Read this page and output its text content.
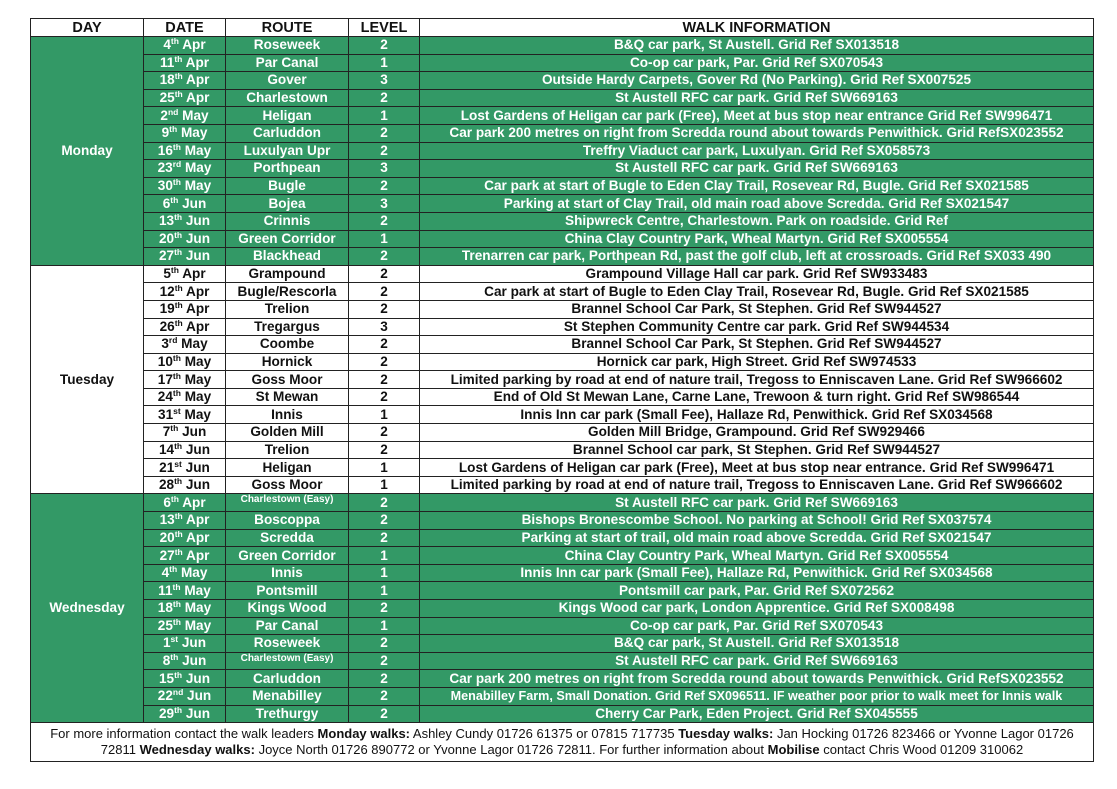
DAY	DATE	ROUTE	LEVEL	WALK INFORMATION
Monday	4th Apr	Roseweek	2	B&Q car park, St Austell. Grid Ref SX013518
	11th Apr	Par Canal	1	Co-op car park, Par. Grid Ref SX070543
	18th Apr	Gover	3	Outside Hardy Carpets, Gover Rd (No Parking). Grid Ref SX007525
	25th Apr	Charlestown	2	St Austell RFC car park. Grid Ref SW669163
	2nd May	Heligan	1	Lost Gardens of Heligan car park (Free), Meet at bus stop near entrance Grid Ref SW996471
	9th May	Carluddon	2	Car park 200 metres on right from Scredda round about towards Penwithick. Grid RefSX023552
	16th May	Luxulyan Upr	2	Treffry Viaduct car park, Luxulyan. Grid Ref SX058573
	23rd May	Porthpean	3	St Austell RFC car park. Grid Ref SW669163
	30th May	Bugle	2	Car park at start of Bugle to Eden Clay Trail, Rosevear Rd, Bugle. Grid Ref SX021585
	6th Jun	Bojea	3	Parking at start of Clay Trail, old main road above Scredda. Grid Ref SX021547
	13th Jun	Crinnis	2	Shipwreck Centre, Charlestown. Park on roadside. Grid Ref
	20th Jun	Green Corridor	1	China Clay Country Park, Wheal Martyn. Grid Ref SX005554
	27th Jun	Blackhead	2	Trenarren car park, Porthpean Rd, past the golf club, left at crossroads. Grid Ref SX033 490
Tuesday	5th Apr	Grampound	2	Grampound Village Hall car park. Grid Ref SW933483
	12th Apr	Bugle/Rescorla	2	Car park at start of Bugle to Eden Clay Trail, Rosevear Rd, Bugle. Grid Ref SX021585
	19th Apr	Trelion	2	Brannel School Car Park, St Stephen. Grid Ref SW944527
	26th Apr	Tregargus	3	St Stephen Community Centre car park. Grid Ref SW944534
	3rd May	Coombe	2	Brannel School Car Park, St Stephen. Grid Ref SW944527
	10th May	Hornick	2	Hornick car park, High Street. Grid Ref SW974533
	17th May	Goss Moor	2	Limited parking by road at end of nature trail, Tregoss to Enniscaven Lane. Grid Ref SW966602
	24th May	St Mewan	2	End of Old St Mewan Lane, Carne Lane, Trewoon & turn right. Grid Ref SW986544
	31st May	Innis	1	Innis Inn car park (Small Fee), Hallaze Rd, Penwithick. Grid Ref SX034568
	7th Jun	Golden Mill	2	Golden Mill Bridge, Grampound. Grid Ref SW929466
	14th Jun	Trelion	2	Brannel School car park, St Stephen. Grid Ref SW944527
	21st Jun	Heligan	1	Lost Gardens of Heligan car park (Free), Meet at bus stop near entrance. Grid Ref SW996471
	28th Jun	Goss Moor	1	Limited parking by road at end of nature trail, Tregoss to Enniscaven Lane. Grid Ref SW966602
Wednesday	6th Apr	Charlestown (Easy)	2	St Austell RFC car park. Grid Ref SW669163
	13th Apr	Boscoppa	2	Bishops Bronescombe School. No parking at School! Grid Ref SX037574
	20th Apr	Scredda	2	Parking at start of trail, old main road above Scredda. Grid Ref SX021547
	27th Apr	Green Corridor	1	China Clay Country Park, Wheal Martyn. Grid Ref SX005554
	4th May	Innis	1	Innis Inn car park (Small Fee), Hallaze Rd, Penwithick. Grid Ref SX034568
	11th May	Pontsmill	1	Pontsmill car park, Par. Grid Ref SX072562
	18th May	Kings Wood	2	Kings Wood car park, London Apprentice. Grid Ref SX008498
	25th May	Par Canal	1	Co-op car park, Par. Grid Ref SX070543
	1st Jun	Roseweek	2	B&Q car park, St Austell. Grid Ref SX013518
	8th Jun	Charlestown (Easy)	2	St Austell RFC car park. Grid Ref SW669163
	15th Jun	Carluddon	2	Car park 200 metres on right from Scredda round about towards Penwithick. Grid RefSX023552
	22nd Jun	Menabilley	2	Menabilley Farm, Small Donation. Grid Ref SX096511. IF weather poor prior to walk meet for Innis walk
	29th Jun	Trethurgy	2	Cherry Car Park, Eden Project. Grid Ref SX045555
For more information contact the walk leaders Monday walks: Ashley Cundy 01726 61375 or 07815 717735 Tuesday walks: Jan Hocking 01726 823466 or Yvonne Lagor 01726 72811 Wednesday walks: Joyce North 01726 890772 or Yvonne Lagor 01726 72811. For further information about Mobilise contact Chris Wood 01209 310062				
